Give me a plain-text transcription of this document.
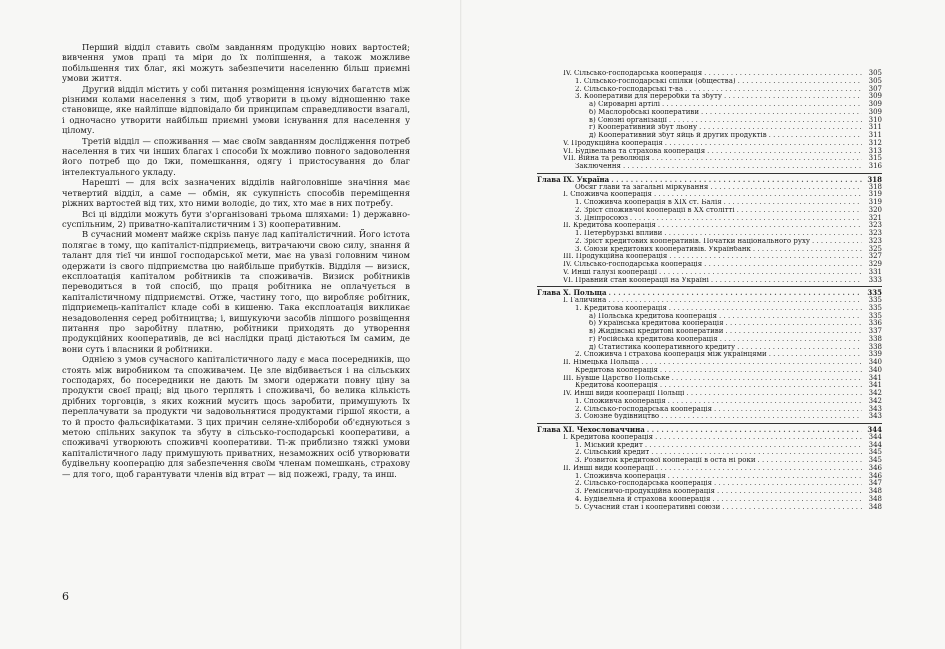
Перший відділ ставить своїм завданням продукцію нових вартостей; вивчення умов праці та міри до їх поліпшення, а також можливе побільшення тих благ, які можуть забезпечити населенню більш приємні умови життя.

Другий відділ містить у собі питання розміщення існуючих багатств між різними колами населення з тим, щоб утворити в цьому відношенню таке становище, яке найліпше відповідало би принципам справедливости взагалі, і одночасно утворити найбільш приємні умови існування для населення у цілому.

Третій відділ — споживання — має своїм завданням дослідження потреб населення в тих чи інших благах і способи їх можливо повного задоволення його потреб що до їжи, помешкання, одягу і пристосування до благ інтелектуального укладу.

Нарешті — для всіх зазначених відділів найголовніше значіння має четвертий відділ, а саме — обмін, як сукупність способів переміщення ріжних вартостей від тих, хто ними володіє, до тих, хто має в них потребу.

Всі ці відділи можуть бути з'організовані трьома шляхами: 1) державно-суспільним, 2) приватно-капіталистичним і 3) кооперативним.

В сучасний момент майже скрізь панує лад капіталістичний. Його істота полягає в тому, що капіталіст-підприємець, витрачаючи свою силу, знання й талант для тієї чи иншої господарської мети, має на увазі головним чином одержати із свого підприємства цю найбільше прибутків. Відділя — визиск, експлоатація капіталом робітників та споживачів. Визиск робітників переводиться в той спосіб, що праця робітника не оплачується в капіталістичному підприємстві. Отже, частину того, що виробляє робітник, підприємець-капіталіст кладе собі в кишеню. Така експлоатація викликає незадоволення серед робітництва; і, вишукуючи засобів ліпшого розвіщення питання про заробітну платню, робітники приходять до утворення продукційних кооперативів, де всі наслідки праці дістаються їм самим, де вони суть і власники й робітники.

Однією з умов сучасного капіталістичного ладу є маса посередників, що стоять між виробником та споживачем. Це зле відбивається і на сільських господарях, бо посередники не дають їм змоги одержати повну ціну за продукти своєї праці; від цього терплять і споживачі, бо велика кількість дрібних торговців, з яких кожний мусить щось заробити, примушують їх переплачувати за продукти чи задовольнятися продуктами гіршої якости, а то й просто фальсифікатами. З цих причин селяне-хлібороби об'єднуються з метою спільних закупок та збуту в сільсько-господарські кооперативи, а споживачі утворюють споживчі кооперативи. Ті-ж приблизно тяжкі умови капіталістичного ладу примушують приватних, незаможних осіб утворювати будівельну кооперацію для забезпечення своїм членам помешкань, страхову — для того, щоб гарантувати членів від втрат — від пожежі, граду, та инш.

6
IV. Сільсько-господарська кооперація . . .	305
1. Сільсько-господарські спілки (общества) . . .	305
2. Сільсько-господарські т-ва . . .	307
3. Кооперативи для переробки та збуту . . .	309
а) Сироварні артілі . . .	309
б) Маслоробські кооперативи . . .	309
в) Союзні організації . . .	310
г) Кооперативний збут льону . . .	311
д) Кооперативний збут яйць й других продуктів . . .	311
V. Продукційна кооперація . . .	312
VI. Будівельна та страхова кооперація . . .	313
VII. Війна та революція . . .	315
Заключення . . .	316
Глава IX. Україна . . .	318
Обсяг глави та загальні міркування . . .	318
I. Споживча кооперація . . .	319
1. Споживча кооперація в XIX ст. Балія . . .	319
2. Зріст споживчої кооперації в XX столітті . . .	320
3. Дніпросоюз . . .	321
II. Кредитова кооперація . . .	323
1. Петербурзькі впливи . . .	323
2. Зріст кредитових кооперативів. Початки національного руху . . .	323
3. Союзи кредитових кооперативів. Українбанк . . .	325
III. Продукційна кооперація . . .	327
IV. Сільсько-господарська кооперація . . .	329
V. Инші галузі кооперації . . .	331
VI. Правний стан кооперації на Україні . . .	333
Глава X. Польща . . .	335
I. Галичина . . .	335
1. Кредитова кооперація . . .	335
а) Польська кредитова кооперація . . .	335
б) Українська кредитова кооперація . . .	336
в) Жидівські кредитові кооперативи . . .	337
г) Російська кредитова кооперація . . .	338
д) Статистика кооперативного кредиту . . .	338
2. Споживча і страхова кооперація між українцями . . .	339
II. Німецька Польща . . .	340
Кредитова кооперація . . .	340
III. Бувше Царство Польське . . .	341
Кредитова кооперація . . .	341
IV. Инші види кооперації Польщі . . .	342
1. Споживча кооперація . . .	342
2. Сільсько-господарська кооперація . . .	343
3. Союзне будівництво . . .	343
Глава XI. Чехословаччина . . .	344
I. Кредитова кооперація . . .	344
1. Міський кредит . . .	344
2. Сільський кредит . . .	345
3. Розвиток кредитової кооперації в оста ні роки . . .	345
II. Инші види кооперації . . .	346
1. Споживча кооперація . . .	346
2. Сільсько-господарська кооперація . . .	347
3. Ремісничо-продукційна кооперація . . .	348
4. Будівельна й страхова кооперація . . .	348
5. Сучасний стан і кооперативні союзи . . .	348
